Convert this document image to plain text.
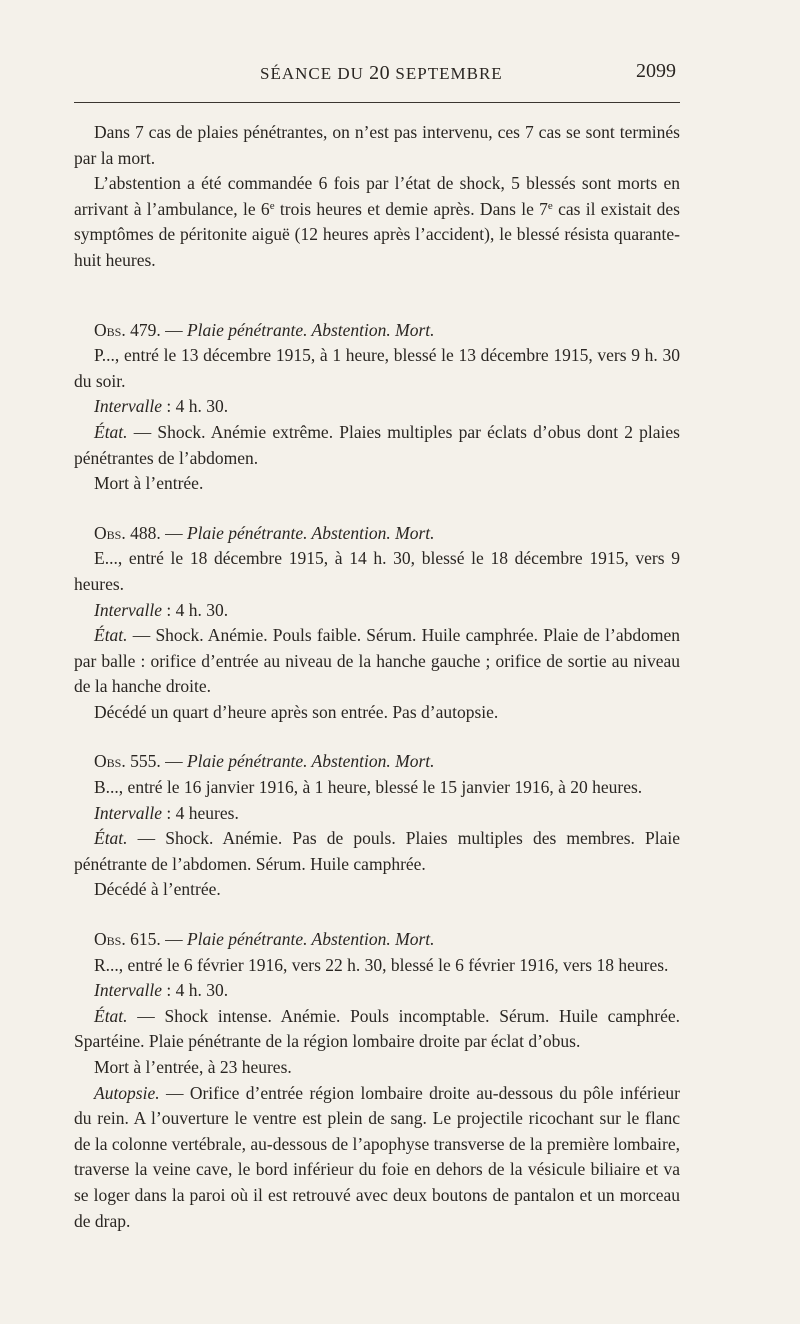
SÉANCE DU 20 SEPTEMBRE	2099

Dans 7 cas de plaies pénétrantes, on n’est pas intervenu, ces 7 cas se sont terminés par la mort.

L’abstention a été commandée 6 fois par l’état de shock, 5 blessés sont morts en arrivant à l’ambulance, le 6e trois heures et demie après. Dans le 7e cas il existait des symptômes de péritonite aiguë (12 heures après l’accident), le blessé résista quarante-huit heures.

Obs. 479. — Plaie pénétrante. Abstention. Mort.

P..., entré le 13 décembre 1915, à 1 heure, blessé le 13 décembre 1915, vers 9 h. 30 du soir.

Intervalle : 4 h. 30.

État. — Shock. Anémie extrême. Plaies multiples par éclats d’obus dont 2 plaies pénétrantes de l’abdomen.

Mort à l’entrée.

Obs. 488. — Plaie pénétrante. Abstention. Mort.

E..., entré le 18 décembre 1915, à 14 h. 30, blessé le 18 décembre 1915, vers 9 heures.

Intervalle : 4 h. 30.

État. — Shock. Anémie. Pouls faible. Sérum. Huile camphrée. Plaie de l’abdomen par balle : orifice d’entrée au niveau de la hanche gauche ; orifice de sortie au niveau de la hanche droite.

Décédé un quart d’heure après son entrée. Pas d’autopsie.

Obs. 555. — Plaie pénétrante. Abstention. Mort.

B..., entré le 16 janvier 1916, à 1 heure, blessé le 15 janvier 1916, à 20 heures.

Intervalle : 4 heures.

État. — Shock. Anémie. Pas de pouls. Plaies multiples des membres. Plaie pénétrante de l’abdomen. Sérum. Huile camphrée.

Décédé à l’entrée.

Obs. 615. — Plaie pénétrante. Abstention. Mort.

R..., entré le 6 février 1916, vers 22 h. 30, blessé le 6 février 1916, vers 18 heures.

Intervalle : 4 h. 30.

État. — Shock intense. Anémie. Pouls incomptable. Sérum. Huile camphrée. Spartéine. Plaie pénétrante de la région lombaire droite par éclat d’obus.

Mort à l’entrée, à 23 heures.

Autopsie. — Orifice d’entrée région lombaire droite au-dessous du pôle inférieur du rein. A l’ouverture le ventre est plein de sang. Le projectile ricochant sur le flanc de la colonne vertébrale, au-dessous de l’apophyse transverse de la première lombaire, traverse la veine cave, le bord inférieur du foie en dehors de la vésicule biliaire et va se loger dans la paroi où il est retrouvé avec deux boutons de pantalon et un morceau de drap.
